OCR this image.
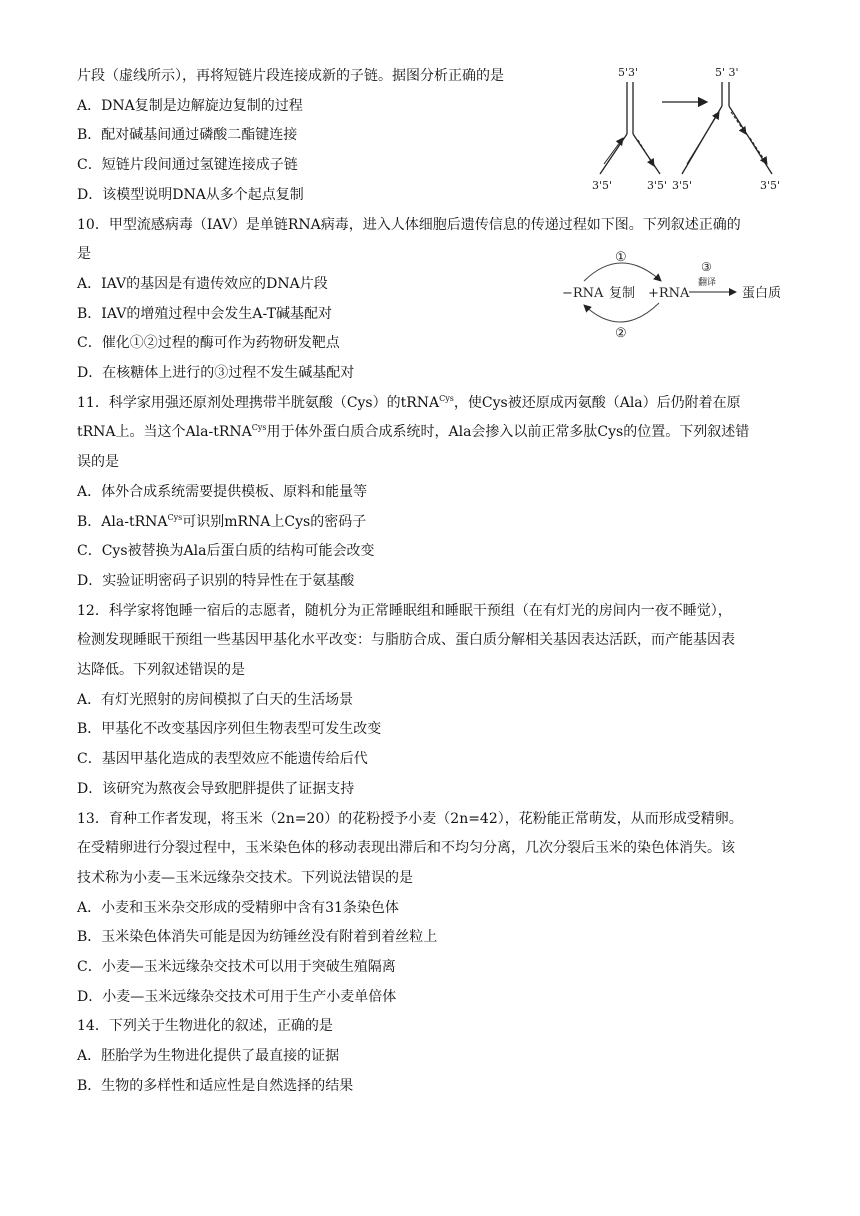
片段（虚线所示），再将短链片段连接成新的子链。据图分析正确的是
A．DNA复制是边解旋边复制的过程
B．配对碱基间通过磷酸二酯键连接
C．短链片段间通过氢键连接成子链
D．该模型说明DNA从多个起点复制
10．甲型流感病毒（IAV）是单链RNA病毒，进入人体细胞后遗传信息的传递过程如下图。下列叙述正确的
是
A．IAV的基因是有遗传效应的DNA片段
B．IAV的增殖过程中会发生A-T碱基配对
C．催化①②过程的酶可作为药物研发靶点
D．在核糖体上进行的③过程不发生碱基配对
11．科学家用强还原剂处理携带半胱氨酸（Cys）的tRNA$^{Cys}$，使Cys被还原成丙氨酸（Ala）后仍附着在原
tRNA上。当这个Ala-tRNA$^{Cys}$用于体外蛋白质合成系统时，Ala会掺入以前正常多肽Cys的位置。下列叙述错
误的是
A．体外合成系统需要提供模板、原料和能量等
B．Ala-tRNA$^{Cys}$可识别mRNA上Cys的密码子
C．Cys被替换为Ala后蛋白质的结构可能会改变
D．实验证明密码子识别的特异性在于氨基酸
12．科学家将饱睡一宿后的志愿者，随机分为正常睡眠组和睡眠干预组（在有灯光的房间内一夜不睡觉），
检测发现睡眠干预组一些基因甲基化水平改变：与脂肪合成、蛋白质分解相关基因表达活跃，而产能基因表
达降低。下列叙述错误的是
A．有灯光照射的房间模拟了白天的生活场景
B．甲基化不改变基因序列但生物表型可发生改变
C．基因甲基化造成的表型效应不能遗传给后代
D．该研究为熬夜会导致肥胖提供了证据支持
13．育种工作者发现，将玉米（2n=20）的花粉授予小麦（2n=42），花粉能正常萌发，从而形成受精卵。
在受精卵进行分裂过程中，玉米染色体的移动表现出滞后和不均匀分离，几次分裂后玉米的染色体消失。该
技术称为小麦—玉米远缘杂交技术。下列说法错误的是
A．小麦和玉米杂交形成的受精卵中含有31条染色体
B．玉米染色体消失可能是因为纺锤丝没有附着到着丝粒上
C．小麦—玉米远缘杂交技术可以用于突破生殖隔离
D．小麦—玉米远缘杂交技术可用于生产小麦单倍体
14．下列关于生物进化的叙述，正确的是
A．胚胎学为生物进化提供了最直接的证据
B．生物的多样性和适应性是自然选择的结果
5'3'	5' 3'
3'5'	3'5' 3'5'	3'5'
①
−RNA 复制 +RNA
②
③
翻译
蛋白质
